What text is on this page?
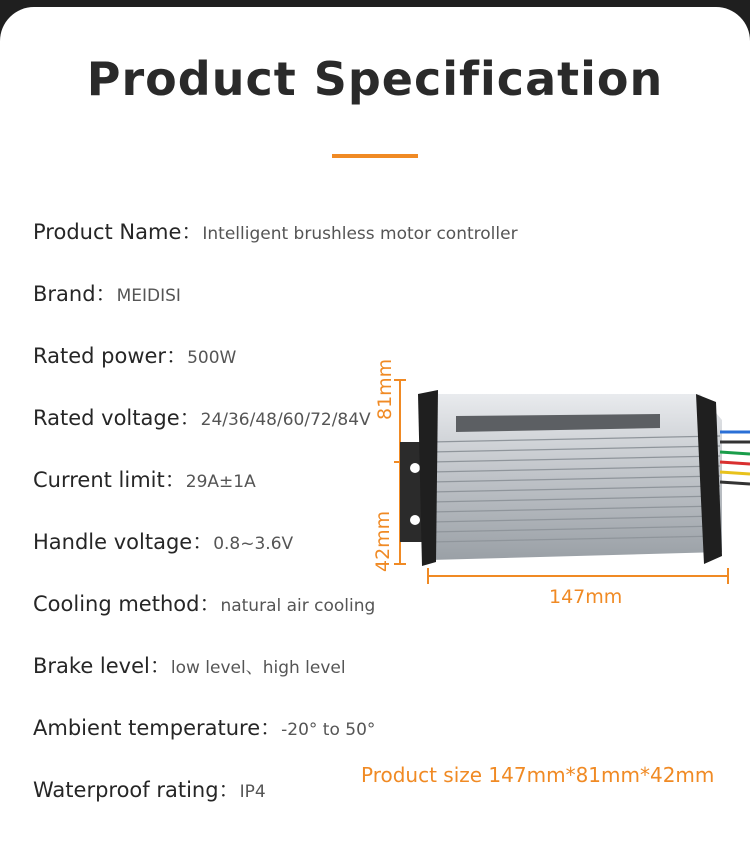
Product Specification
Product Name：Intelligent brushless motor controller
Brand：MEIDISI
Rated power：500W
Rated voltage：24/36/48/60/72/84V
Current limit：29A±1A
Handle voltage：0.8~3.6V
Cooling method：natural air cooling
Brake level：low level、high level
Ambient temperature：-20° to 50°
Waterproof rating：IP4
Product size 147mm*81mm*42mm
81mm
42mm
147mm
